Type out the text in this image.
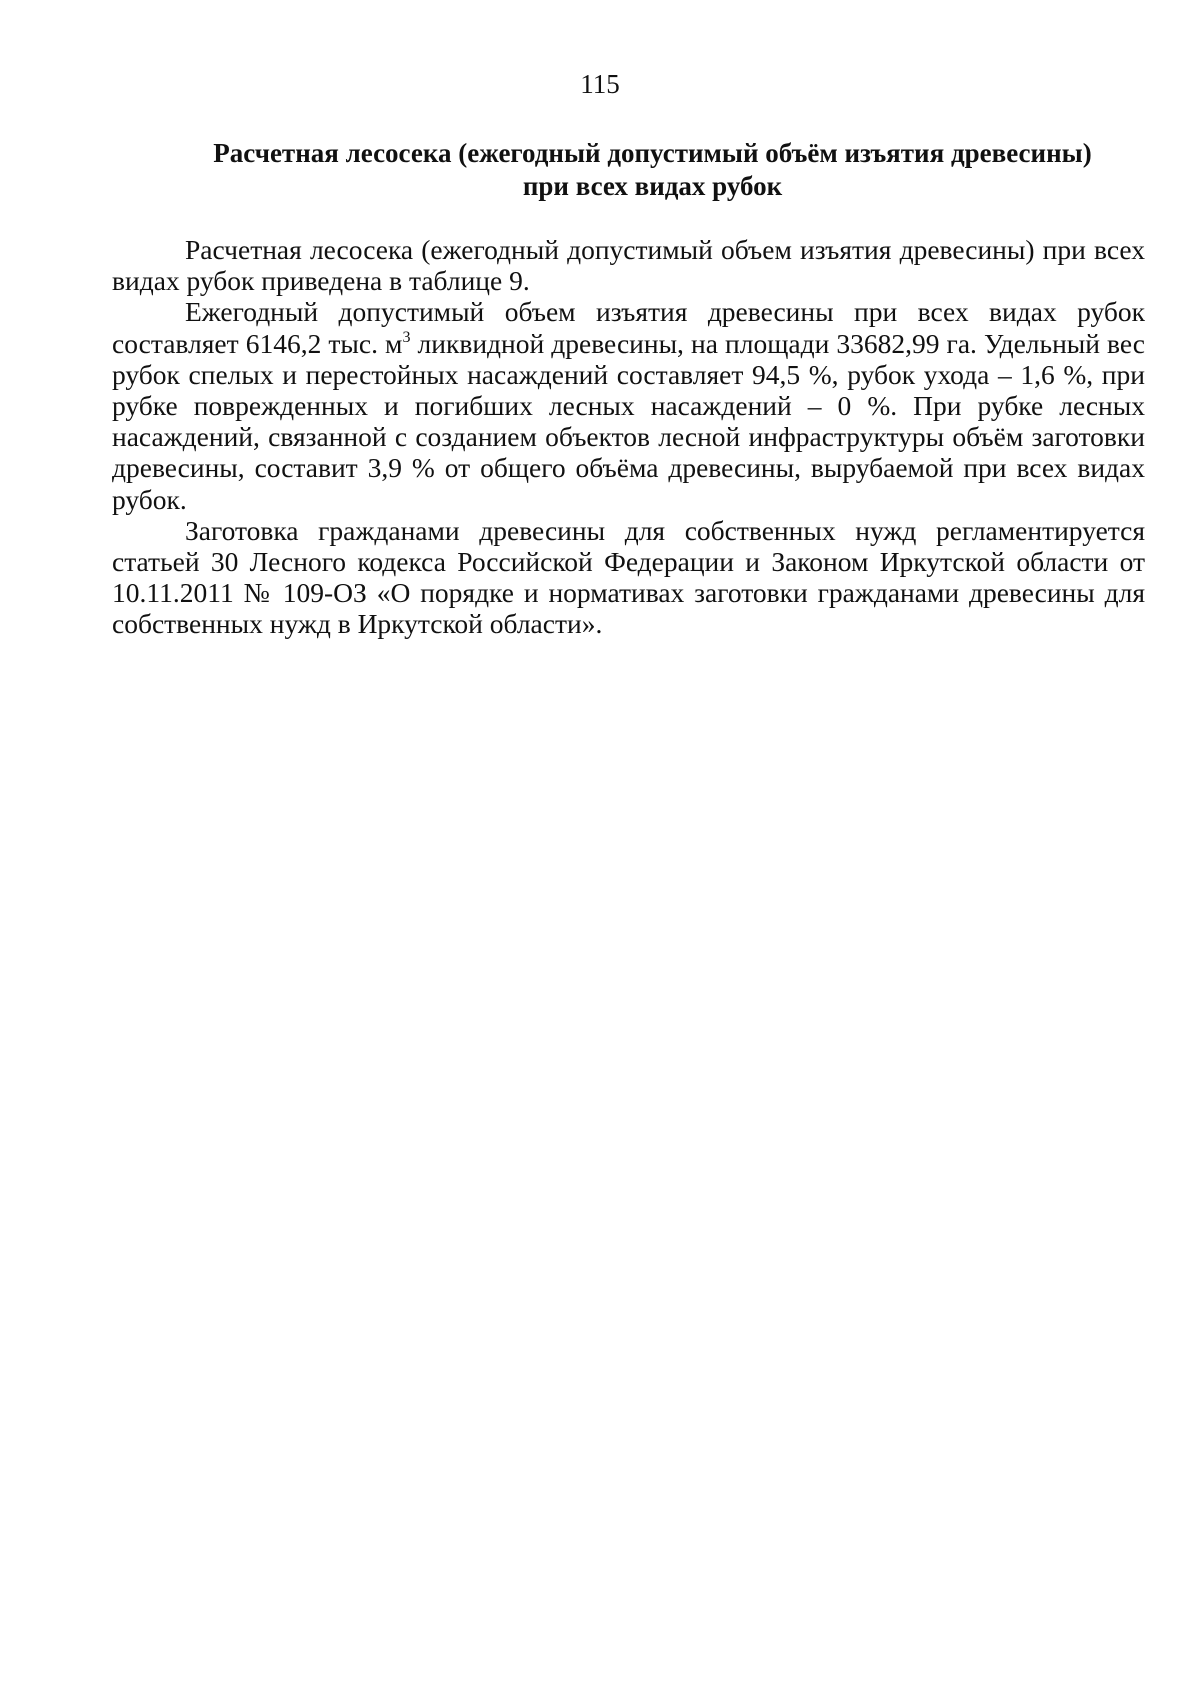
115
Расчетная лесосека (ежегодный допустимый объём изъятия древесины)
при всех видах рубок

Расчетная лесосека (ежегодный допустимый объем изъятия древесины) при всех видах рубок приведена в таблице 9.

Ежегодный допустимый объем изъятия древесины при всех видах рубок составляет 6146,2 тыс. $м^3$ ликвидной древесины, на площади 33682,99 га. Удельный вес рубок спелых и перестойных насаждений составляет 94,5 %, рубок ухода – 1,6 %, при рубке поврежденных и погибших лесных насаждений – 0 %. При рубке лесных насаждений, связанной с созданием объектов лесной инфраструктуры объём заготовки древесины, составит 3,9 % от общего объёма древесины, вырубаемой при всех видах рубок.

Заготовка гражданами древесины для собственных нужд регламентируется статьей 30 Лесного кодекса Российской Федерации и Законом Иркутской области от 10.11.2011 № 109-ОЗ «О порядке и нормативах заготовки гражданами древесины для собственных нужд в Иркутской области».
